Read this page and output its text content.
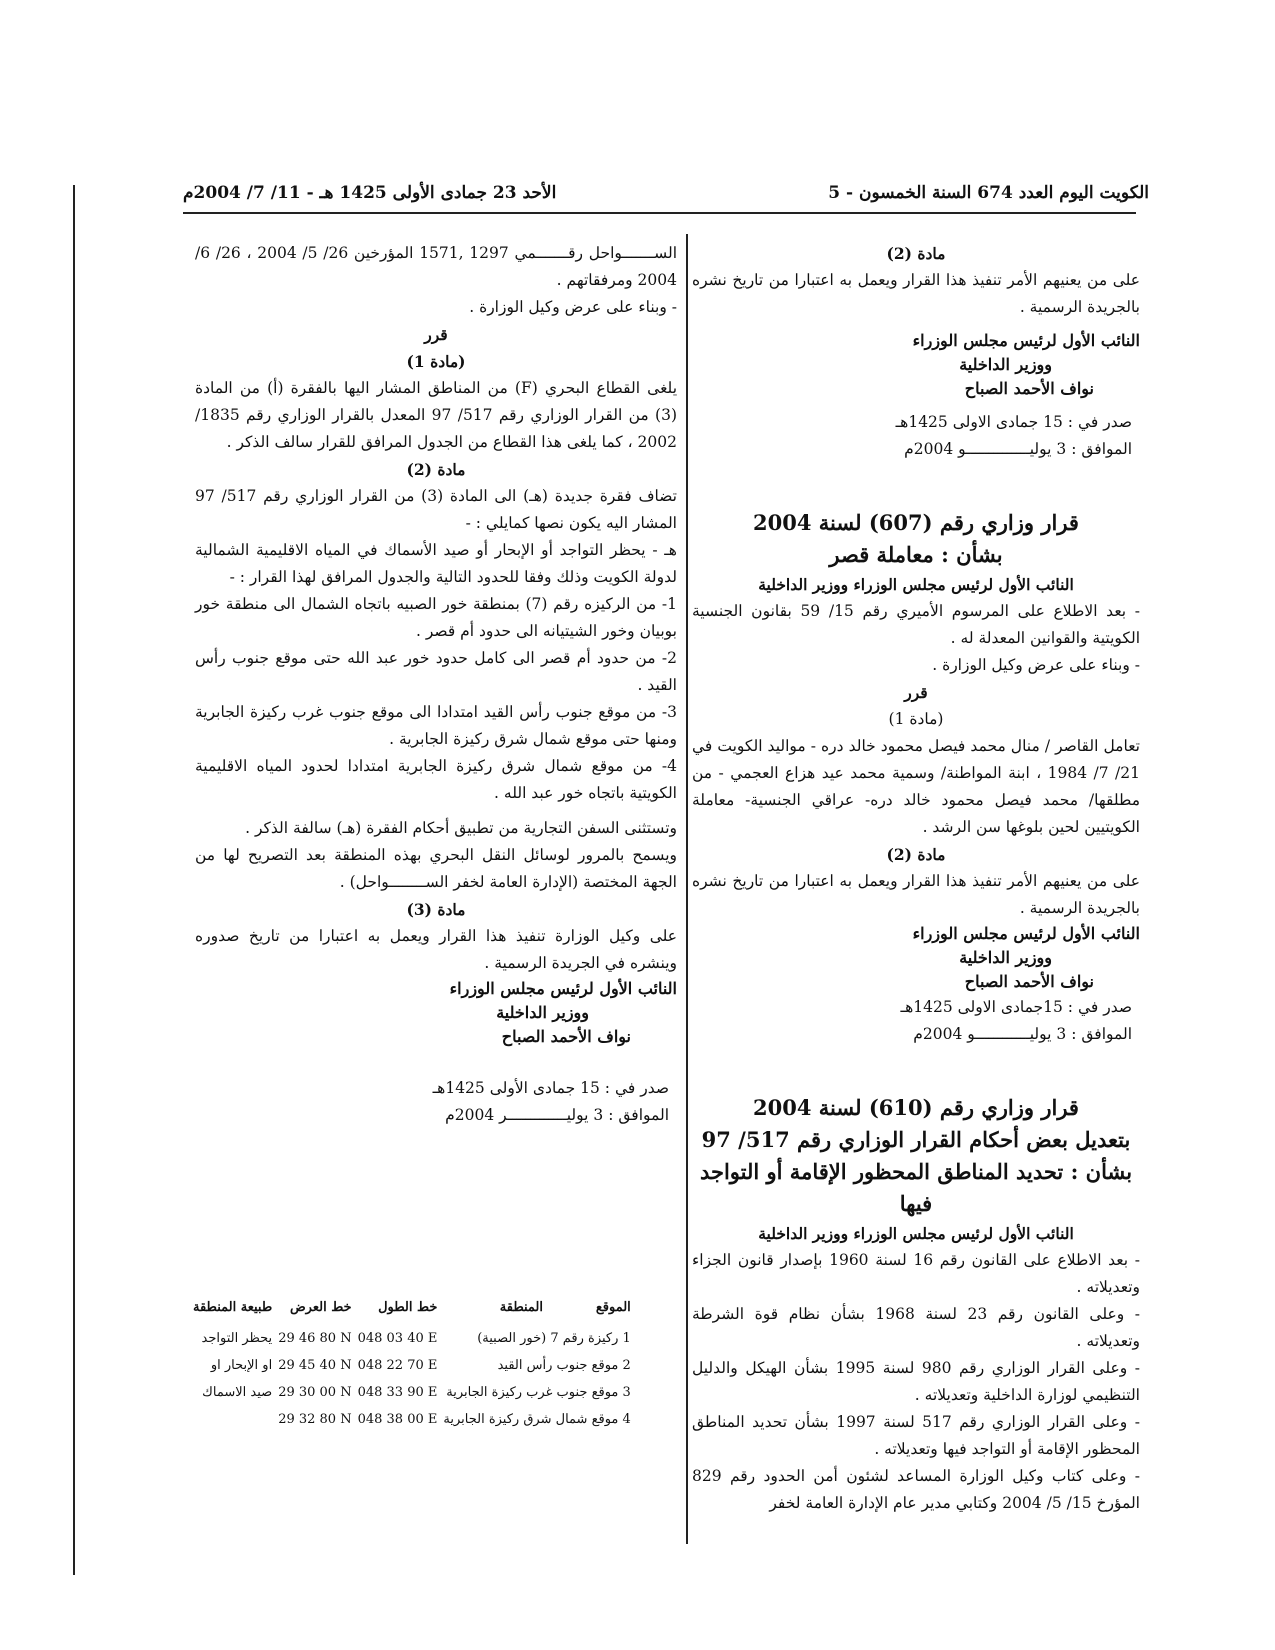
الكويت اليوم العدد 674 السنة الخمسون - 5
الأحد 23 جمادى الأولى 1425 هـ - 11/ 7/ 2004م

مادة (2)

على من يعنيهم الأمر تنفيذ هذا القرار ويعمل به اعتبارا من تاريخ نشره بالجريدة الرسمية .

النائب الأول لرئيس مجلس الوزراء

ووزير الداخلية

نواف الأحمد الصباح

صدر في : 15 جمادى الاولى 1425هـ

الموافق : 3 يوليــــــــــــــو 2004م

قرار وزاري رقم (607) لسنة 2004

بشأن : معاملة قصر

النائب الأول لرئيس مجلس الوزراء ووزير الداخلية

- بعد الاطلاع على المرسوم الأميري رقم 15/ 59 بقانون الجنسية الكويتية والقوانين المعدلة له .

- وبناء على عرض وكيل الوزارة .

قرر

(مادة 1)

تعامل القاصر / منال محمد فيصل محمود خالد دره - مواليد الكويت في 21/ 7/ 1984 ، ابنة المواطنة/ وسمية محمد عيد هزاع العجمي - من مطلقها/ محمد فيصل محمود خالد دره- عراقي الجنسية- معاملة الكويتيين لحين بلوغها سن الرشد .

مادة (2)

على من يعنيهم الأمر تنفيذ هذا القرار ويعمل به اعتبارا من تاريخ نشره بالجريدة الرسمية .

النائب الأول لرئيس مجلس الوزراء

ووزير الداخلية

نواف الأحمد الصباح

صدر في : 15جمادى الاولى 1425هـ

الموافق : 3 يوليــــــــــــو 2004م

قرار وزاري رقم (610) لسنة 2004

بتعديل بعض أحكام القرار الوزاري رقم 517/ 97

بشأن : تحديد المناطق المحظور الإقامة أو التواجد فيها

النائب الأول لرئيس مجلس الوزراء ووزير الداخلية

- بعد الاطلاع على القانون رقم 16 لسنة 1960 بإصدار قانون الجزاء وتعديلاته .

- وعلى القانون رقم 23 لسنة 1968 بشأن نظام قوة الشرطة وتعديلاته .

- وعلى القرار الوزاري رقم 980 لسنة 1995 بشأن الهيكل والدليل التنظيمي لوزارة الداخلية وتعديلاته .

- وعلى القرار الوزاري رقم 517 لسنة 1997 بشأن تحديد المناطق المحظور الإقامة أو التواجد فيها وتعديلاته .

- وعلى كتاب وكيل الوزارة المساعد لشئون أمن الحدود رقم 829 المؤرخ 15/ 5/ 2004 وكتابي مدير عام الإدارة العامة لخفر

الســـــــواحل رقـــــــمي 1297 ,1571 المؤرخين 26/ 5/ 2004 ، 26/ 6/ 2004 ومرفقاتهم .

- وبناء على عرض وكيل الوزارة .

قرر

(مادة 1)

يلغى القطاع البحري (F) من المناطق المشار اليها بالفقرة (أ) من المادة (3) من القرار الوزاري رقم 517/ 97 المعدل بالقرار الوزاري رقم 1835/ 2002 ، كما يلغى هذا القطاع من الجدول المرافق للقرار سالف الذكر .

مادة (2)

تضاف فقرة جديدة (هـ) الى المادة (3) من القرار الوزاري رقم 517/ 97 المشار اليه يكون نصها كمايلي : -

هـ - يحظر التواجد أو الإبحار أو صيد الأسماك في المياه الاقليمية الشمالية لدولة الكويت وذلك وفقا للحدود التالية والجدول المرافق لهذا القرار : -

1- من الركيزه رقم (7) بمنطقة خور الصبيه باتجاه الشمال الى منطقة خور بوبيان وخور الشيتيانه الى حدود أم قصر .

2- من حدود أم قصر الى كامل حدود خور عبد الله حتى موقع جنوب رأس القيد .

3- من موقع جنوب رأس القيد امتدادا الى موقع جنوب غرب ركيزة الجابرية ومنها حتى موقع شمال شرق ركيزة الجابرية .

4- من موقع شمال شرق ركيزة الجابرية امتدادا لحدود المياه الاقليمية الكويتية باتجاه خور عبد الله .

وتستثنى السفن التجارية من تطبيق أحكام الفقرة (هـ) سالفة الذكر .

ويسمح بالمرور لوسائل النقل البحري بهذه المنطقة بعد التصريح لها من الجهة المختصة (الإدارة العامة لخفر الســــــــواحل) .

مادة (3)

على وكيل الوزارة تنفيذ هذا القرار ويعمل به اعتبارا من تاريخ صدوره وينشره في الجريدة الرسمية .

النائب الأول لرئيس مجلس الوزراء

ووزير الداخلية

نواف الأحمد الصباح

صدر في : 15 جمادى الأولى 1425هـ

الموافق : 3 يوليـــــــــــــر 2004م

الموقع	المنطقة	خط الطول	خط العرض	طبيعة المنطقة
1 ركيزة رقم 7 (خور الصبية)		048 03 40 E	29 46 80 N	يحظر التواجد
2 موقع جنوب رأس القيد		048 22 70 E	29 45 40 N	او الإبحار او
3 موقع جنوب غرب ركيزة الجابرية		048 33 90 E	29 30 00 N	صيد الاسماك
4 موقع شمال شرق ركيزة الجابرية		048 38 00 E	29 32 80 N	
